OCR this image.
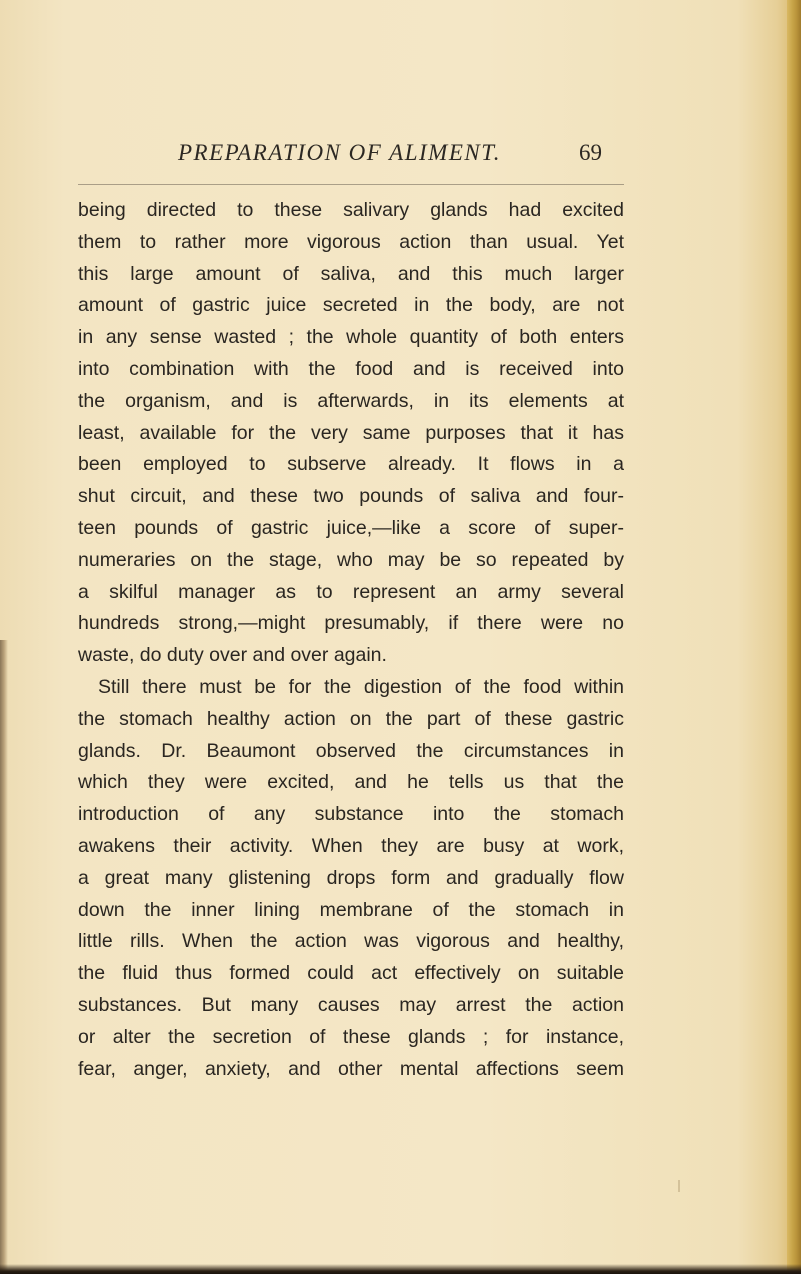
PREPARATION OF ALIMENT.	69
being directed to these salivary glands had excited
them to rather more vigorous action than usual. Yet
this large amount of saliva, and this much larger
amount of gastric juice secreted in the body, are not
in any sense wasted ; the whole quantity of both enters
into combination with the food and is received into
the organism, and is afterwards, in its elements at
least, available for the very same purposes that it has
been employed to subserve already. It flows in a
shut circuit, and these two pounds of saliva and four-
teen pounds of gastric juice,—like a score of super-
numeraries on the stage, who may be so repeated by
a skilful manager as to represent an army several
hundreds strong,—might presumably, if there were no
waste, do duty over and over again.
Still there must be for the digestion of the food within
the stomach healthy action on the part of these gastric
glands. Dr. Beaumont observed the circumstances in
which they were excited, and he tells us that the
introduction of any substance into the stomach
awakens their activity. When they are busy at work,
a great many glistening drops form and gradually flow
down the inner lining membrane of the stomach in
little rills. When the action was vigorous and healthy,
the fluid thus formed could act effectively on suitable
substances. But many causes may arrest the action
or alter the secretion of these glands ; for instance,
fear, anger, anxiety, and other mental affections seem
